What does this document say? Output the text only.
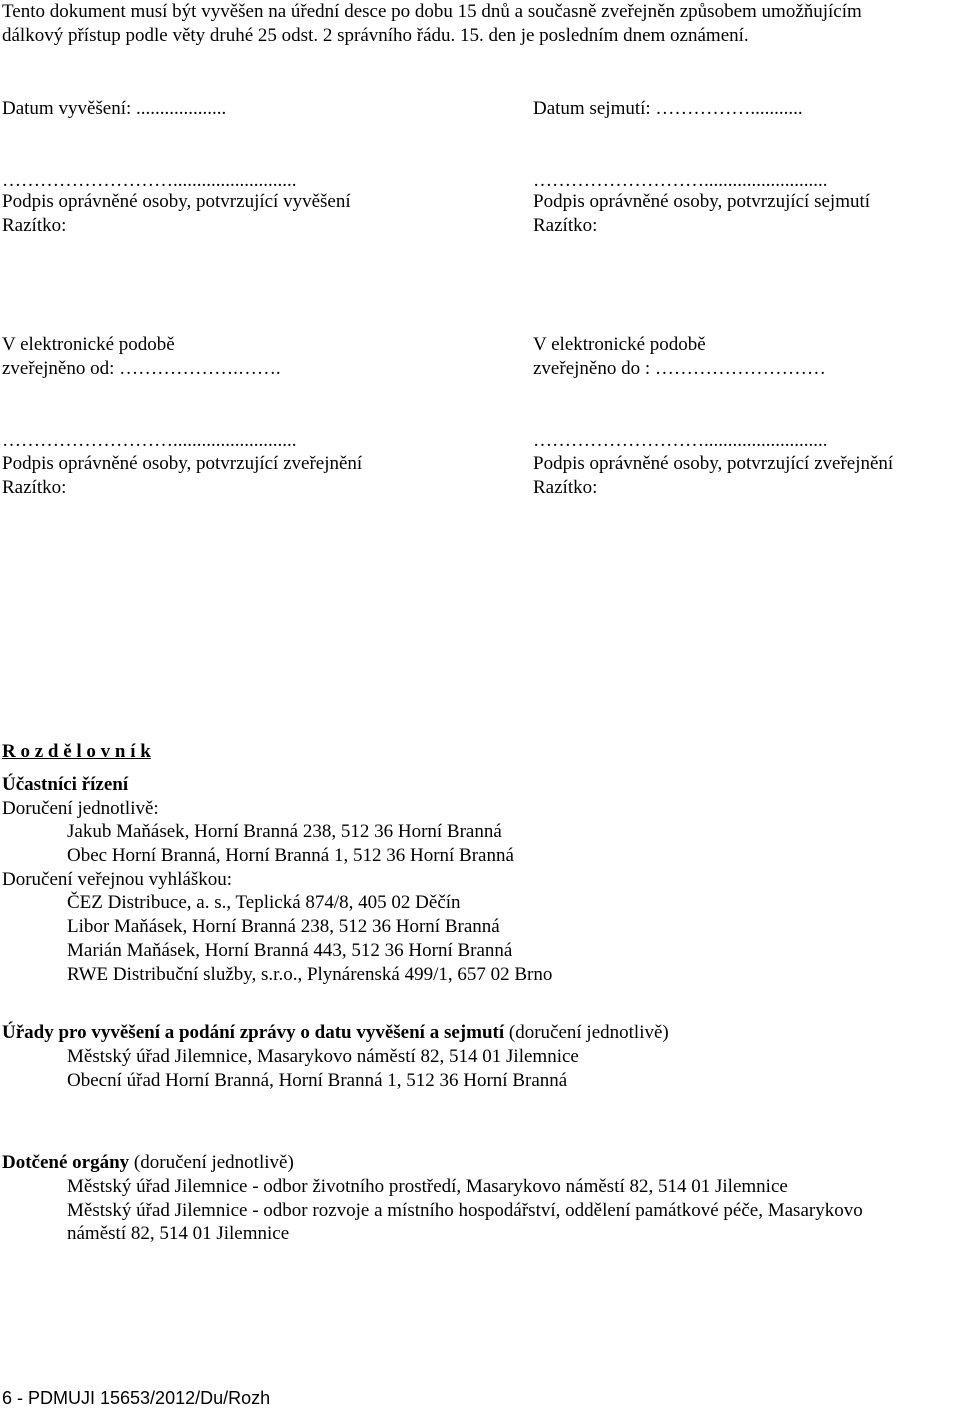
Tento dokument musí být vyvěšen na úřední desce po dobu 15 dnů a současně zveřejněn způsobem umožňujícím
dálkový přístup podle věty druhé 25 odst. 2 správního řádu. 15. den je posledním dnem oznámení.
Datum vyvěšení: ...................	Datum sejmutí: ……………...........
………………………..........................
Podpis oprávněné osoby, potvrzující vyvěšení
Razítko:
………………………..........................
Podpis oprávněné osoby, potvrzující sejmutí
Razítko:
V elektronické podobě
zveřejněno od: ……………….…….
V elektronické podobě
zveřejněno do : ………………………
………………………..........................
Podpis oprávněné osoby, potvrzující zveřejnění
Razítko:
………………………..........................
Podpis oprávněné osoby, potvrzující zveřejnění
Razítko:
R o z d ě l o v n í k
Účastníci řízení
Doručení jednotlivě:
Jakub Maňásek, Horní Branná 238, 512 36 Horní Branná
Obec Horní Branná, Horní Branná 1, 512 36 Horní Branná
Doručení veřejnou vyhláškou:
ČEZ Distribuce, a. s., Teplická 874/8, 405 02 Děčín
Libor Maňásek, Horní Branná 238, 512 36 Horní Branná
Marián Maňásek, Horní Branná 443, 512 36 Horní Branná
RWE Distribuční služby, s.r.o., Plynárenská 499/1, 657 02 Brno
Úřady pro vyvěšení a podání zprávy o datu vyvěšení a sejmutí (doručení jednotlivě)
Městský úřad Jilemnice, Masarykovo náměstí 82, 514 01 Jilemnice
Obecní úřad Horní Branná, Horní Branná 1, 512 36 Horní Branná
Dotčené orgány (doručení jednotlivě)
Městský úřad Jilemnice - odbor životního prostředí, Masarykovo náměstí 82, 514 01 Jilemnice
Městský úřad Jilemnice - odbor rozvoje a místního hospodářství, oddělení památkové péče, Masarykovo
náměstí 82, 514 01 Jilemnice
6 - PDMUJI 15653/2012/Du/Rozh
